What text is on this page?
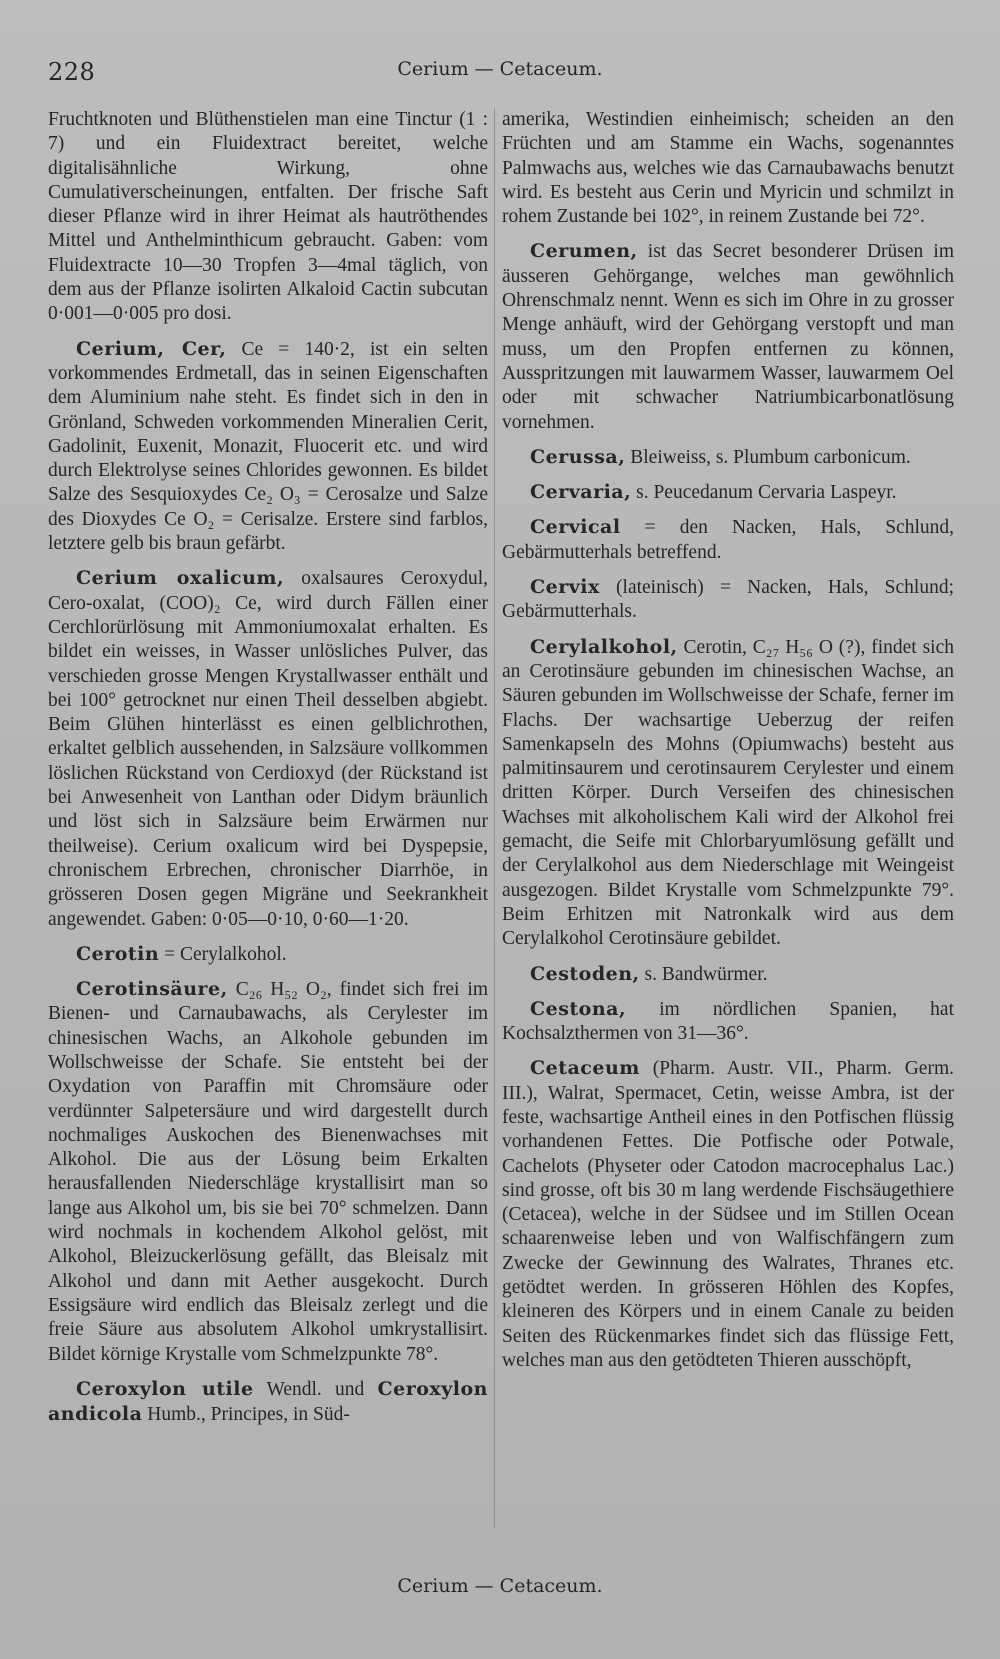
228	Cerium — Cetaceum.

Fruchtknoten und Blüthenstielen man eine Tinctur (1 : 7) und ein Fluidextract bereitet, welche digitalisähnliche Wirkung, ohne Cumulativerscheinungen, entfalten. Der frische Saft dieser Pflanze wird in ihrer Heimat als hautröthendes Mittel und Anthelminthicum gebraucht. Gaben: vom Fluidextracte 10—30 Tropfen 3—4mal täglich, von dem aus der Pflanze isolirten Alkaloid Cactin subcutan 0·001—0·005 pro dosi.

Cerium, Cer, Ce = 140·2, ist ein selten vorkommendes Erdmetall, das in seinen Eigenschaften dem Aluminium nahe steht. Es findet sich in den in Grönland, Schweden vorkommenden Mineralien Cerit, Gadolinit, Euxenit, Monazit, Fluocerit etc. und wird durch Elektrolyse seines Chlorides gewonnen. Es bildet Salze des Sesquioxydes Ce₂ O₃ = Cerosalze und Salze des Dioxydes Ce O₂ = Cerisalze. Erstere sind farblos, letztere gelb bis braun gefärbt.

Cerium oxalicum, oxalsaures Ceroxydul, Cero-oxalat, (COO)₂ Ce, wird durch Fällen einer Cerchlorürlösung mit Ammoniumoxalat erhalten. Es bildet ein weisses, in Wasser unlösliches Pulver, das verschieden grosse Mengen Krystallwasser enthält und bei 100° getrocknet nur einen Theil desselben abgiebt. Beim Glühen hinterlässt es einen gelblichrothen, erkaltet gelblich aussehenden, in Salzsäure vollkommen löslichen Rückstand von Cerdioxyd (der Rückstand ist bei Anwesenheit von Lanthan oder Didym bräunlich und löst sich in Salzsäure beim Erwärmen nur theilweise). Cerium oxalicum wird bei Dyspepsie, chronischem Erbrechen, chronischer Diarrhöe, in grösseren Dosen gegen Migräne und Seekrankheit angewendet. Gaben: 0·05—0·10, 0·60—1·20.

Cerotin = Cerylalkohol.

Cerotinsäure, C₂₆ H₅₂ O₂, findet sich frei im Bienen- und Carnaubawachs, als Cerylester im chinesischen Wachs, an Alkohole gebunden im Wollschweisse der Schafe. Sie entsteht bei der Oxydation von Paraffin mit Chromsäure oder verdünnter Salpetersäure und wird dargestellt durch nochmaliges Auskochen des Bienenwachses mit Alkohol. Die aus der Lösung beim Erkalten herausfallenden Niederschläge krystallisirt man so lange aus Alkohol um, bis sie bei 70° schmelzen. Dann wird nochmals in kochendem Alkohol gelöst, mit Alkohol, Bleizuckerlösung gefällt, das Bleisalz mit Alkohol und dann mit Aether ausgekocht. Durch Essigsäure wird endlich das Bleisalz zerlegt und die freie Säure aus absolutem Alkohol umkrystallisirt. Bildet körnige Krystalle vom Schmelzpunkte 78°.

Ceroxylon utile Wendl. und Ceroxylon andicola Humb., Principes, in Süd-

amerika, Westindien einheimisch; scheiden an den Früchten und am Stamme ein Wachs, sogenanntes Palmwachs aus, welches wie das Carnaubawachs benutzt wird. Es besteht aus Cerin und Myricin und schmilzt in rohem Zustande bei 102°, in reinem Zustande bei 72°.

Cerumen, ist das Secret besonderer Drüsen im äusseren Gehörgange, welches man gewöhnlich Ohrenschmalz nennt. Wenn es sich im Ohre in zu grosser Menge anhäuft, wird der Gehörgang verstopft und man muss, um den Propfen entfernen zu können, Ausspritzungen mit lauwarmem Wasser, lauwarmem Oel oder mit schwacher Natriumbicarbonatlösung vornehmen.

Cerussa, Bleiweiss, s. Plumbum carbonicum.

Cervaria, s. Peucedanum Cervaria Laspeyr.

Cervical = den Nacken, Hals, Schlund, Gebärmutterhals betreffend.

Cervix (lateinisch) = Nacken, Hals, Schlund; Gebärmutterhals.

Cerylalkohol, Cerotin, C₂₇ H₅₆ O (?), findet sich an Cerotinsäure gebunden im chinesischen Wachse, an Säuren gebunden im Wollschweisse der Schafe, ferner im Flachs. Der wachsartige Ueberzug der reifen Samenkapseln des Mohns (Opiumwachs) besteht aus palmitinsaurem und cerotinsaurem Cerylester und einem dritten Körper. Durch Verseifen des chinesischen Wachses mit alkoholischem Kali wird der Alkohol frei gemacht, die Seife mit Chlorbaryumlösung gefällt und der Cerylalkohol aus dem Niederschlage mit Weingeist ausgezogen. Bildet Krystalle vom Schmelzpunkte 79°. Beim Erhitzen mit Natronkalk wird aus dem Cerylalkohol Cerotinsäure gebildet.

Cestoden, s. Bandwürmer.

Cestona, im nördlichen Spanien, hat Kochsalzthermen von 31—36°.

Cetaceum (Pharm. Austr. VII., Pharm. Germ. III.), Walrat, Spermacet, Cetin, weisse Ambra, ist der feste, wachsartige Antheil eines in den Potfischen flüssig vorhandenen Fettes. Die Potfische oder Potwale, Cachelots (Physeter oder Catodon macrocephalus Lac.) sind grosse, oft bis 30 m lang werdende Fischsäugethiere (Cetacea), welche in der Südsee und im Stillen Ocean schaarenweise leben und von Walfischfängern zum Zwecke der Gewinnung des Walrates, Thranes etc. getödtet werden. In grösseren Höhlen des Kopfes, kleineren des Körpers und in einem Canale zu beiden Seiten des Rückenmarkes findet sich das flüssige Fett, welches man aus den getödteten Thieren ausschöpft,

Cerium — Cetaceum.
